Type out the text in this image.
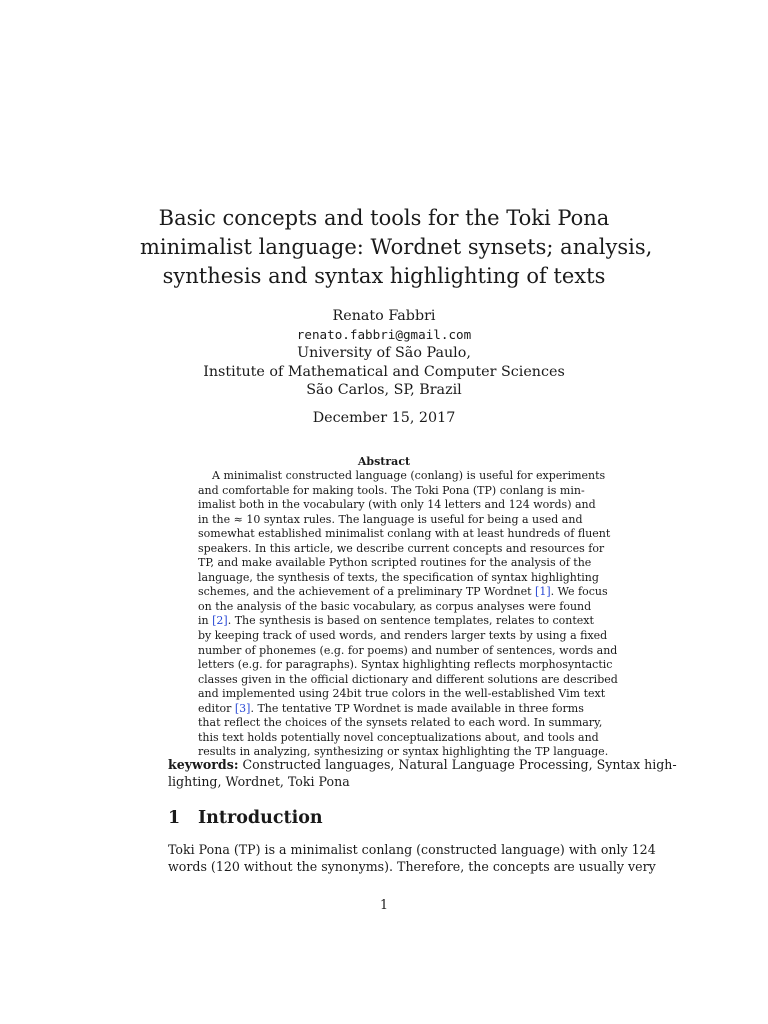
Basic concepts and tools for the Toki Pona
minimalist language: Wordnet synsets; analysis,
synthesis and syntax highlighting of texts
Renato Fabbri
renato.fabbri@gmail.com
University of São Paulo,
Institute of Mathematical and Computer Sciences
São Carlos, SP, Brazil
December 15, 2017
Abstract
A minimalist constructed language (conlang) is useful for experiments
and comfortable for making tools. The Toki Pona (TP) conlang is min-
imalist both in the vocabulary (with only 14 letters and 124 words) and
in the ≈ 10 syntax rules. The language is useful for being a used and
somewhat established minimalist conlang with at least hundreds of fluent
speakers. In this article, we describe current concepts and resources for
TP, and make available Python scripted routines for the analysis of the
language, the synthesis of texts, the specification of syntax highlighting
schemes, and the achievement of a preliminary TP Wordnet [1]. We focus
on the analysis of the basic vocabulary, as corpus analyses were found
in [2]. The synthesis is based on sentence templates, relates to context
by keeping track of used words, and renders larger texts by using a fixed
number of phonemes (e.g. for poems) and number of sentences, words and
letters (e.g. for paragraphs). Syntax highlighting reflects morphosyntactic
classes given in the official dictionary and different solutions are described
and implemented using 24bit true colors in the well-established Vim text
editor [3]. The tentative TP Wordnet is made available in three forms
that reflect the choices of the synsets related to each word. In summary,
this text holds potentially novel conceptualizations about, and tools and
results in analyzing, synthesizing or syntax highlighting the TP language.
keywords: Constructed languages, Natural Language Processing, Syntax high-
lighting, Wordnet, Toki Pona
1 Introduction
Toki Pona (TP) is a minimalist conlang (constructed language) with only 124
words (120 without the synonyms). Therefore, the concepts are usually very
1
